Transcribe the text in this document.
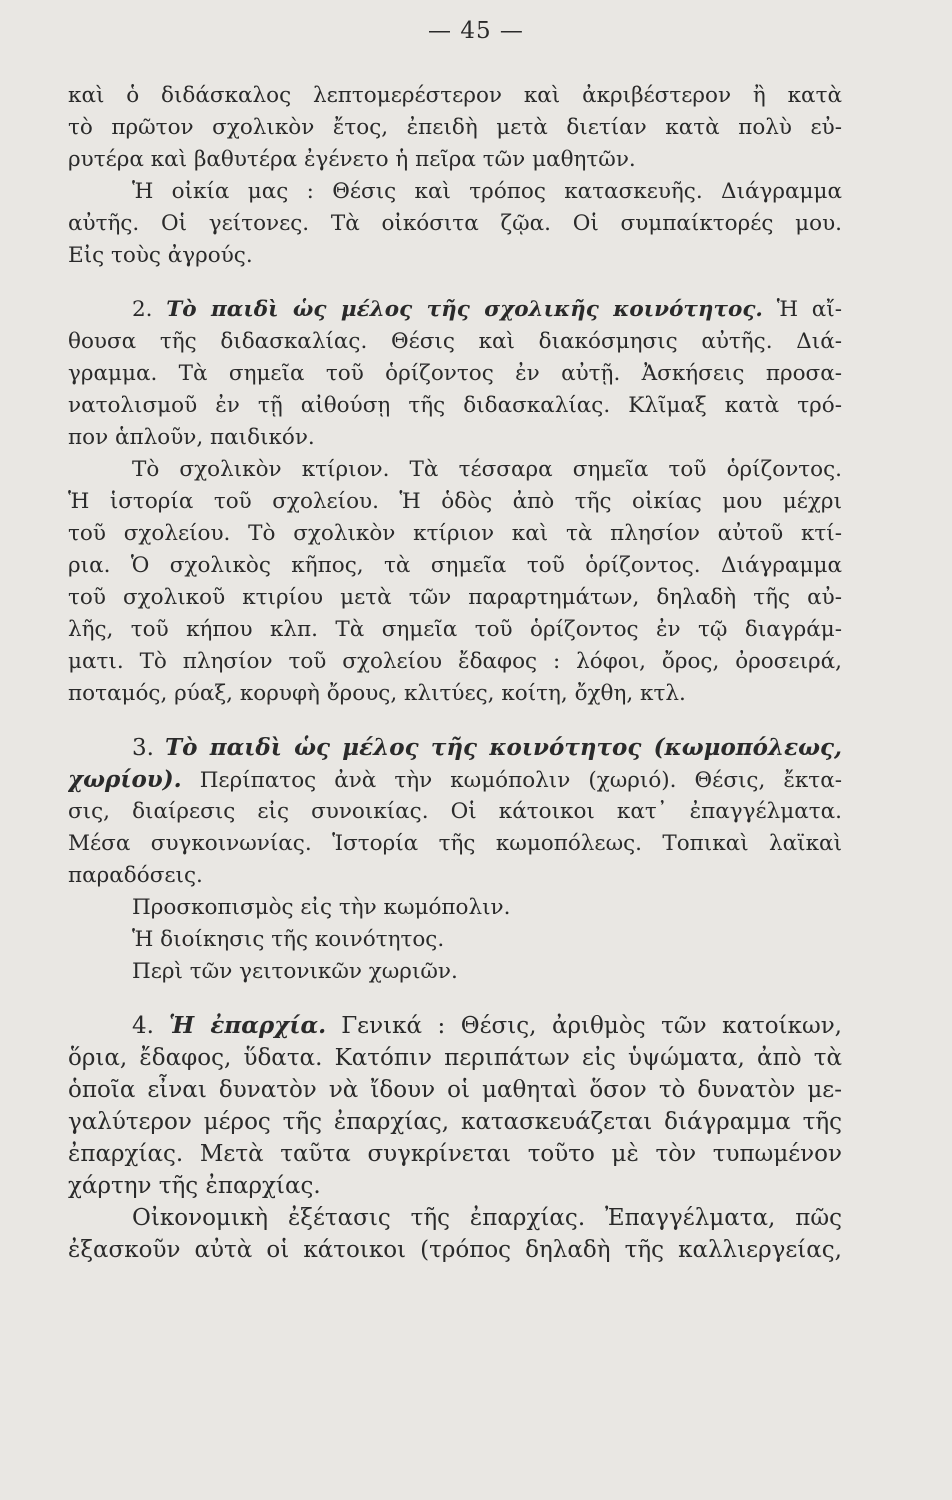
— 45 —
καὶ ὁ διδάσκαλος λεπτομερέστερον καὶ ἀκριβέστερον ἢ κατὰ
τὸ πρῶτον σχολικὸν ἔτος, ἐπειδὴ μετὰ διετίαν κατὰ πολὺ εὐ-
ρυτέρα καὶ βαθυτέρα ἐγένετο ἡ πεῖρα τῶν μαθητῶν.
Ἡ οἰκία μας : Θέσις καὶ τρόπος κατασκευῆς. Διάγραμμα
αὐτῆς. Οἱ γείτονες. Τὰ οἰκόσιτα ζῷα. Οἱ συμπαίκτορές μου.
Εἰς τοὺς ἀγρούς.
2. Τὸ παιδὶ ὡς μέλος τῆς σχολικῆς κοινότητος. Ἡ αἴ-
θουσα τῆς διδασκαλίας. Θέσις καὶ διακόσμησις αὐτῆς. Διά-
γραμμα. Τὰ σημεῖα τοῦ ὁρίζοντος ἐν αὐτῇ. Ἀσκήσεις προσα-
νατολισμοῦ ἐν τῇ αἰθούσῃ τῆς διδασκαλίας. Κλῖμαξ κατὰ τρό-
πον ἁπλοῦν, παιδικόν.
Τὸ σχολικὸν κτίριον. Τὰ τέσσαρα σημεῖα τοῦ ὁρίζοντος.
Ἡ ἱστορία τοῦ σχολείου. Ἡ ὁδὸς ἀπὸ τῆς οἰκίας μου μέχρι
τοῦ σχολείου. Τὸ σχολικὸν κτίριον καὶ τὰ πλησίον αὐτοῦ κτί-
ρια. Ὁ σχολικὸς κῆπος, τὰ σημεῖα τοῦ ὁρίζοντος. Διάγραμμα
τοῦ σχολικοῦ κτιρίου μετὰ τῶν παραρτημάτων, δηλαδὴ τῆς αὐ-
λῆς, τοῦ κήπου κλπ. Τὰ σημεῖα τοῦ ὁρίζοντος ἐν τῷ διαγράμ-
ματι. Τὸ πλησίον τοῦ σχολείου ἔδαφος : λόφοι, ὄρος, ὀροσειρά,
ποταμός, ρύαξ, κορυφὴ ὄρους, κλιτύες, κοίτη, ὄχθη, κτλ.
3. Τὸ παιδὶ ὡς μέλος τῆς κοινότητος (κωμοπόλεως,
χωρίου). Περίπατος ἀνὰ τὴν κωμόπολιν (χωριό). Θέσις, ἔκτα-
σις, διαίρεσις εἰς συνοικίας. Οἱ κάτοικοι κατ᾽ ἐπαγγέλματα.
Μέσα συγκοινωνίας. Ἱστορία τῆς κωμοπόλεως. Τοπικαὶ λαϊκαὶ
παραδόσεις.
Προσκοπισμὸς εἰς τὴν κωμόπολιν.
Ἡ διοίκησις τῆς κοινότητος.
Περὶ τῶν γειτονικῶν χωριῶν.
4. Ἡ ἐπαρχία. Γενικά : Θέσις, ἀριθμὸς τῶν κατοίκων,
ὅρια, ἔδαφος, ὕδατα. Κατόπιν περιπάτων εἰς ὑψώματα, ἀπὸ τὰ
ὁποῖα εἶναι δυνατὸν νὰ ἴδουν οἱ μαθηταὶ ὅσον τὸ δυνατὸν με-
γαλύτερον μέρος τῆς ἐπαρχίας, κατασκευάζεται διάγραμμα τῆς
ἐπαρχίας. Μετὰ ταῦτα συγκρίνεται τοῦτο μὲ τὸν τυπωμένον
χάρτην τῆς ἐπαρχίας.
Οἰκονομικὴ ἐξέτασις τῆς ἐπαρχίας. Ἐπαγγέλματα, πῶς
ἐξασκοῦν αὐτὰ οἱ κάτοικοι (τρόπος δηλαδὴ τῆς καλλιεργείας,
